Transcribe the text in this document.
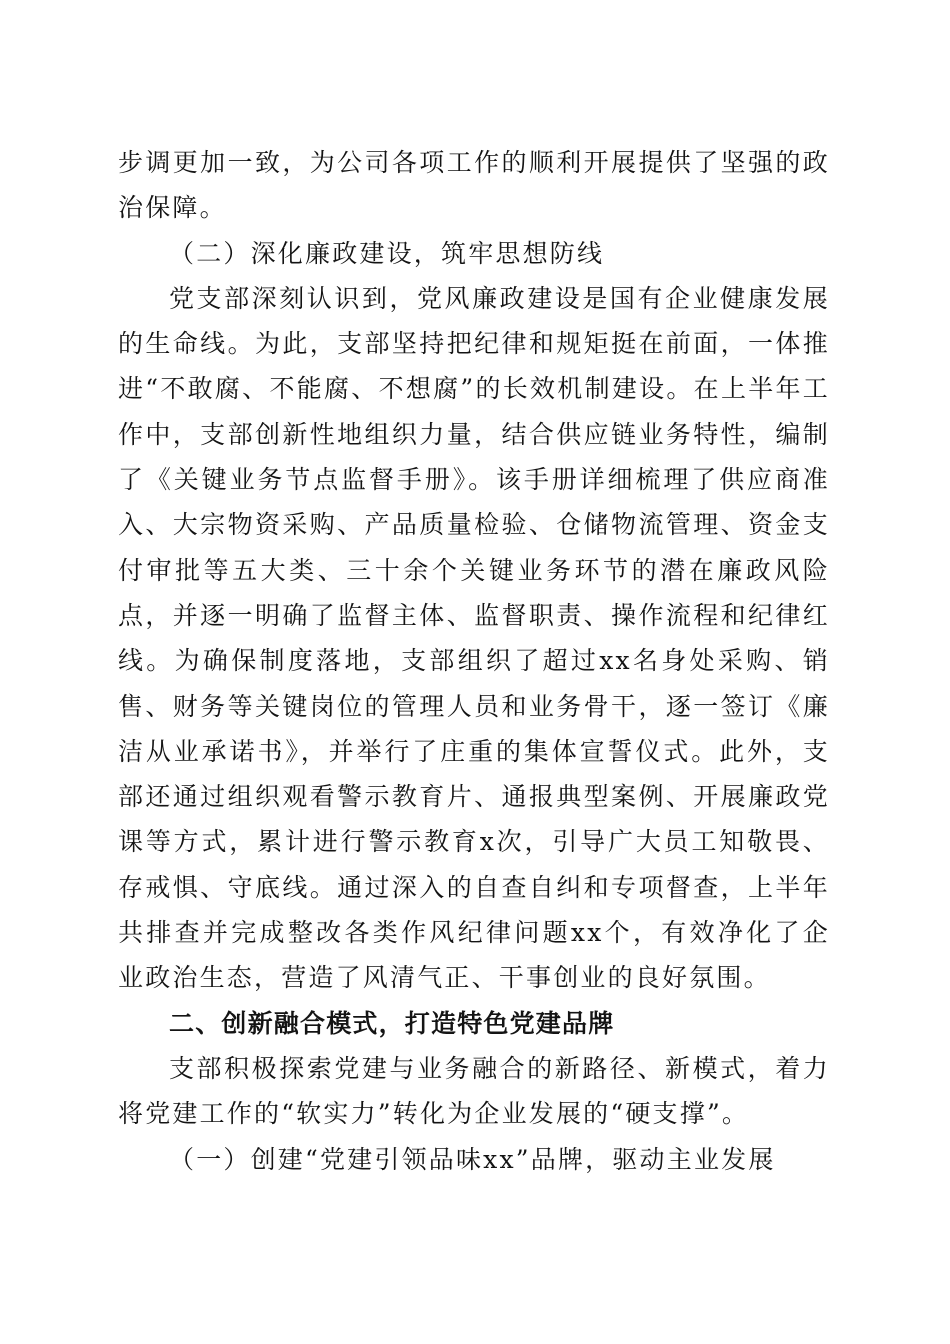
步调更加一致，为公司各项工作的顺利开展提供了坚强的政治保障。

（二）深化廉政建设，筑牢思想防线

党支部深刻认识到，党风廉政建设是国有企业健康发展的生命线。为此，支部坚持把纪律和规矩挺在前面，一体推进“不敢腐、不能腐、不想腐”的长效机制建设。在上半年工作中，支部创新性地组织力量，结合供应链业务特性，编制了《关键业务节点监督手册》。该手册详细梳理了供应商准入、大宗物资采购、产品质量检验、仓储物流管理、资金支付审批等五大类、三十余个关键业务环节的潜在廉政风险点，并逐一明确了监督主体、监督职责、操作流程和纪律红线。为确保制度落地，支部组织了超过xx名身处采购、销售、财务等关键岗位的管理人员和业务骨干，逐一签订《廉洁从业承诺书》，并举行了庄重的集体宣誓仪式。此外，支部还通过组织观看警示教育片、通报典型案例、开展廉政党课等方式，累计进行警示教育x次，引导广大员工知敬畏、存戒惧、守底线。通过深入的自查自纠和专项督查，上半年共排查并完成整改各类作风纪律问题xx个，有效净化了企业政治生态，营造了风清气正、干事创业的良好氛围。

二、创新融合模式，打造特色党建品牌

支部积极探索党建与业务融合的新路径、新模式，着力将党建工作的“软实力”转化为企业发展的“硬支撑”。

（一）创建“党建引领品味xx”品牌，驱动主业发展
